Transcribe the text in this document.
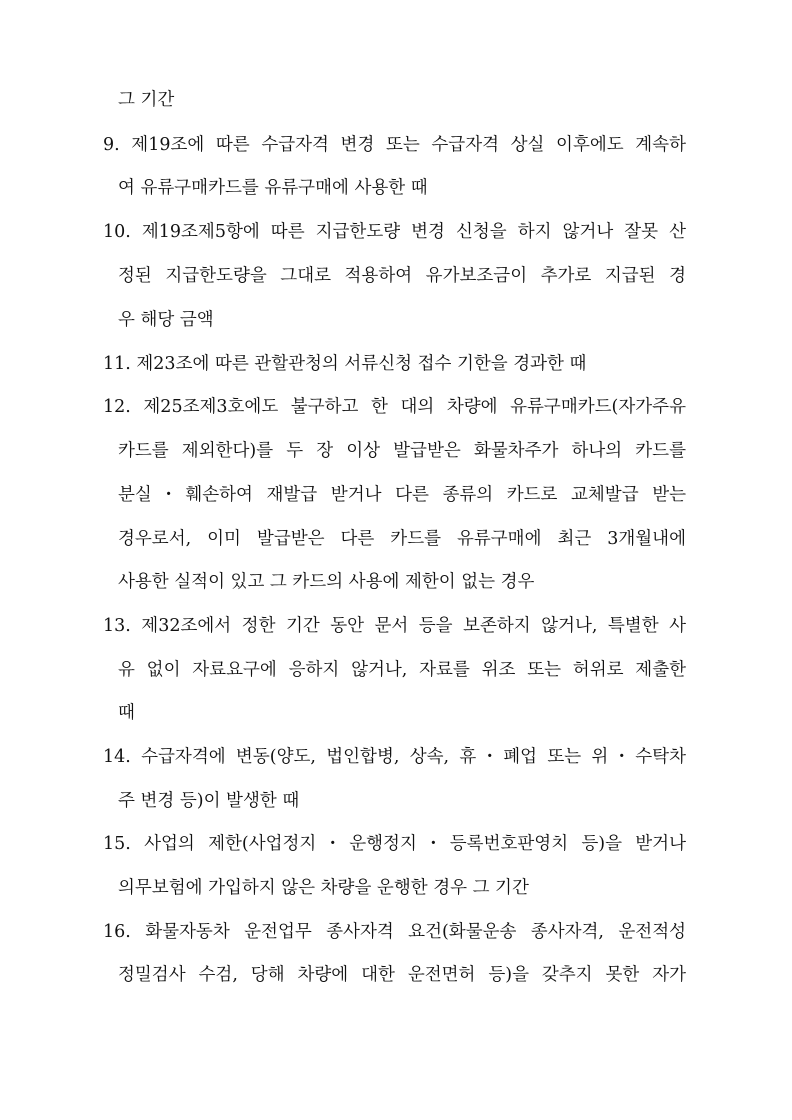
그 기간
9. 제19조에 따른 수급자격 변경 또는 수급자격 상실 이후에도 계속하
여 유류구매카드를 유류구매에 사용한 때
10. 제19조제5항에 따른 지급한도량 변경 신청을 하지 않거나 잘못 산
정된 지급한도량을 그대로 적용하여 유가보조금이 추가로 지급된 경
우 해당 금액
11. 제23조에 따른 관할관청의 서류신청 접수 기한을 경과한 때
12. 제25조제3호에도 불구하고 한 대의 차량에 유류구매카드(자가주유
카드를 제외한다)를 두 장 이상 발급받은 화물차주가 하나의 카드를
분실・훼손하여 재발급 받거나 다른 종류의 카드로 교체발급 받는
경우로서, 이미 발급받은 다른 카드를 유류구매에 최근 3개월내에
사용한 실적이 있고 그 카드의 사용에 제한이 없는 경우
13. 제32조에서 정한 기간 동안 문서 등을 보존하지 않거나, 특별한 사
유 없이 자료요구에 응하지 않거나, 자료를 위조 또는 허위로 제출한
때
14. 수급자격에 변동(양도, 법인합병, 상속, 휴・폐업 또는 위・수탁차
주 변경 등)이 발생한 때
15. 사업의 제한(사업정지・운행정지・등록번호판영치 등)을 받거나
의무보험에 가입하지 않은 차량을 운행한 경우 그 기간
16. 화물자동차 운전업무 종사자격 요건(화물운송 종사자격, 운전적성
정밀검사 수검, 당해 차량에 대한 운전면허 등)을 갖추지 못한 자가
